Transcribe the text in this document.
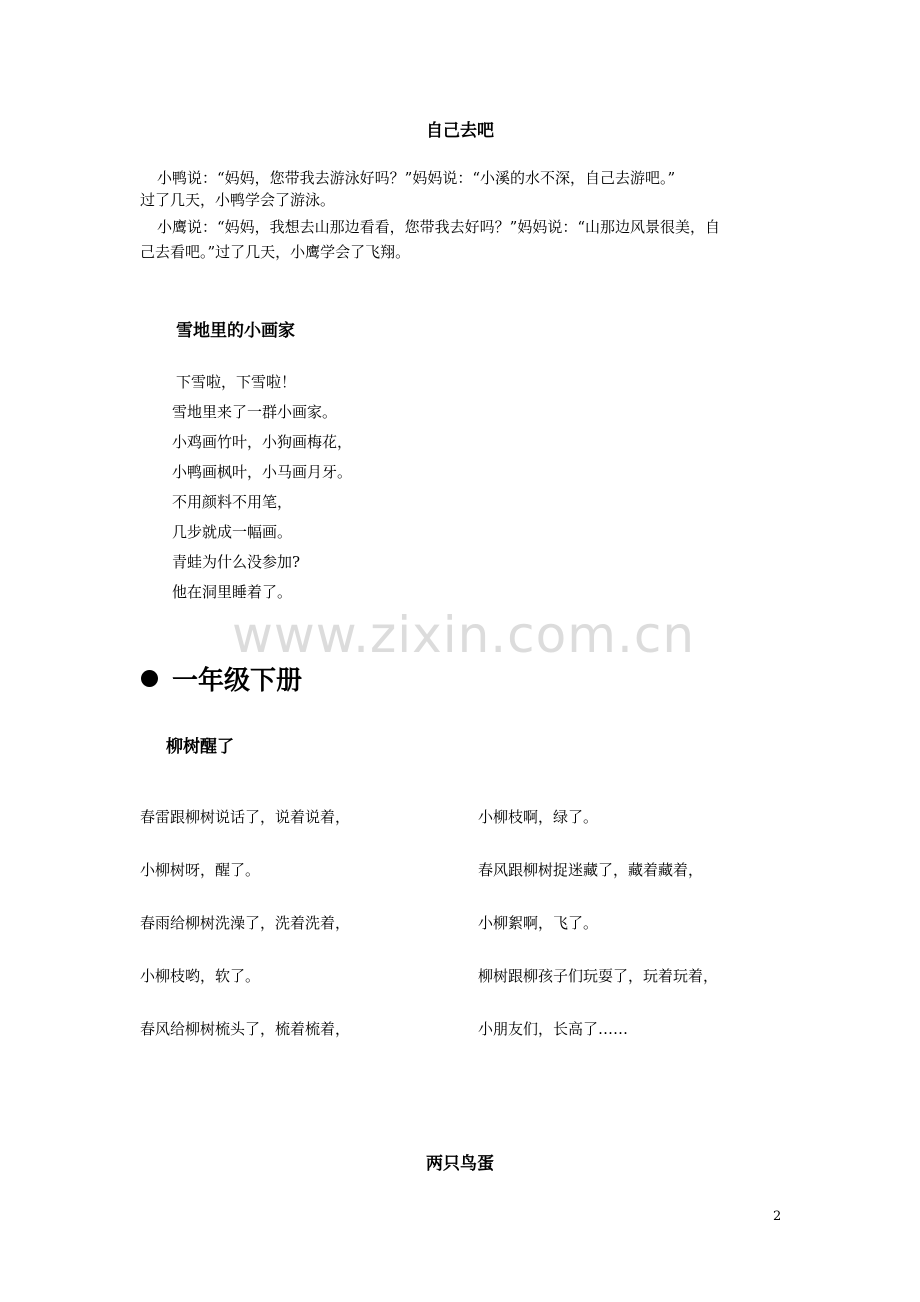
自己去吧
小鸭说：“妈妈，您带我去游泳好吗？”妈妈说：“小溪的水不深，自己去游吧。”
过了几天，小鸭学会了游泳。
小鹰说：“妈妈，我想去山那边看看，您带我去好吗？”妈妈说：“山那边风景很美，自
己去看吧。”过了几天，小鹰学会了飞翔。
雪地里的小画家
下雪啦，下雪啦！
雪地里来了一群小画家。
小鸡画竹叶，小狗画梅花，
小鸭画枫叶，小马画月牙。
不用颜料不用笔，
几步就成一幅画。
青蛙为什么没参加?
他在洞里睡着了。
www.zixin.com.cn
一年级下册
柳树醒了
春雷跟柳树说话了，说着说着，
小柳树呀，醒了。
春雨给柳树洗澡了，洗着洗着，
小柳枝哟，软了。
春风给柳树梳头了，梳着梳着，
小柳枝啊，绿了。
春风跟柳树捉迷藏了，藏着藏着，
小柳絮啊，飞了。
柳树跟柳孩子们玩耍了，玩着玩着，
小朋友们，长高了……
两只鸟蛋
2
